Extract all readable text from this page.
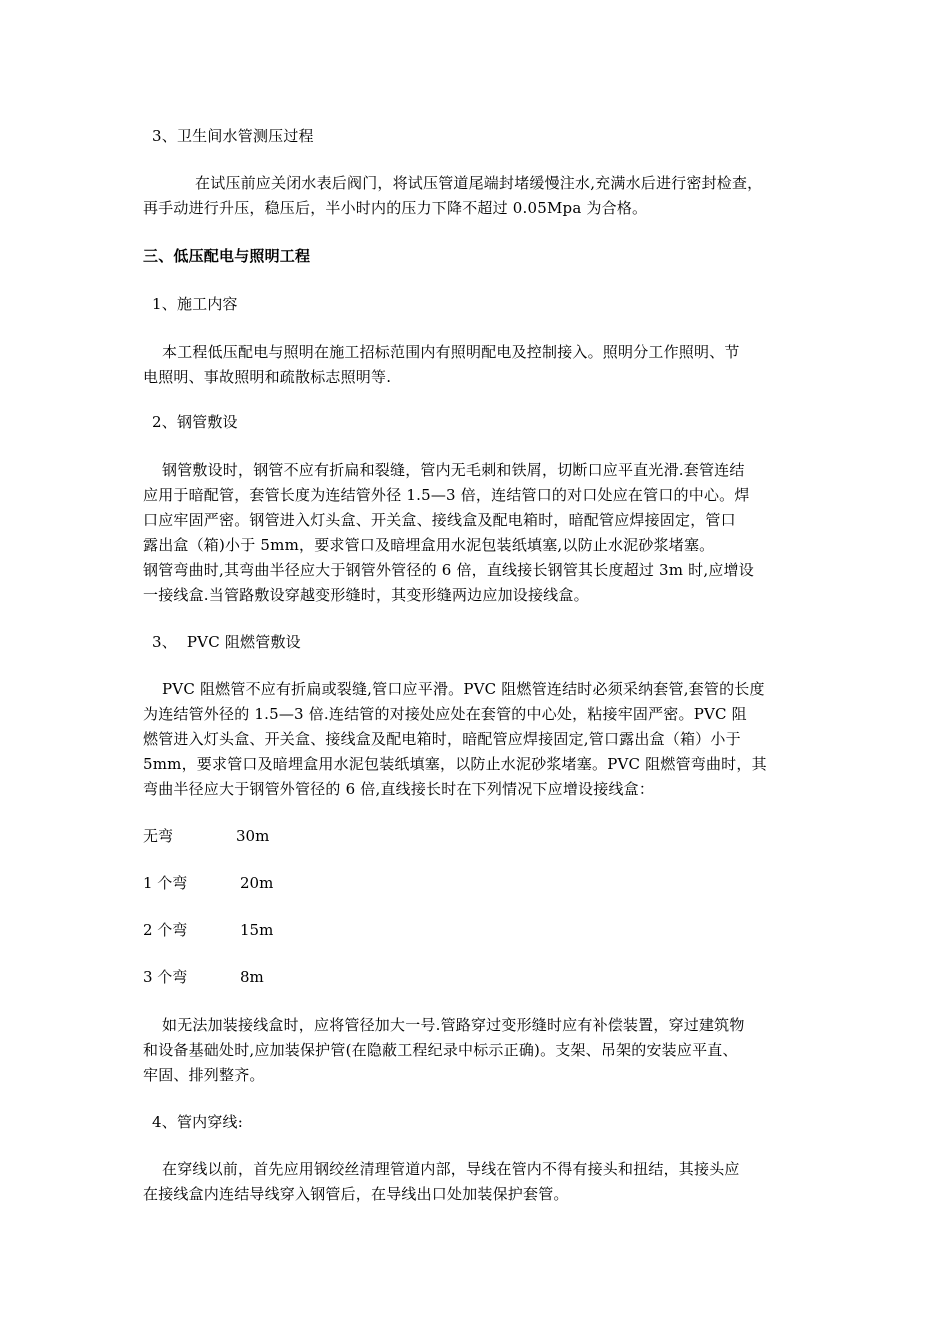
3、卫生间水管测压过程
在试压前应关闭水表后阀门，将试压管道尾端封堵缓慢注水,充满水后进行密封检查，
再手动进行升压，稳压后，半小时内的压力下降不超过 0.05Mpa 为合格。
三、低压配电与照明工程
1、施工内容
本工程低压配电与照明在施工招标范围内有照明配电及控制接入。照明分工作照明、节
电照明、事故照明和疏散标志照明等.
2、钢管敷设
钢管敷设时，钢管不应有折扁和裂缝，管内无毛刺和铁屑，切断口应平直光滑.套管连结
应用于暗配管，套管长度为连结管外径 1.5—3 倍，连结管口的对口处应在管口的中心。焊
口应牢固严密。钢管进入灯头盒、开关盒、接线盒及配电箱时，暗配管应焊接固定，管口
露出盒（箱)小于 5mm，要求管口及暗埋盒用水泥包装纸填塞,以防止水泥砂浆堵塞。
钢管弯曲时,其弯曲半径应大于钢管外管径的 6 倍，直线接长钢管其长度超过 3m 时,应增设
一接线盒.当管路敷设穿越变形缝时，其变形缝两边应加设接线盒。
3、  PVC 阻燃管敷设
PVC 阻燃管不应有折扁或裂缝,管口应平滑。PVC 阻燃管连结时必须采纳套管,套管的长度
为连结管外径的 1.5—3 倍.连结管的对接处应处在套管的中心处，粘接牢固严密。PVC 阻
燃管进入灯头盒、开关盒、接线盒及配电箱时，暗配管应焊接固定,管口露出盒（箱）小于
5mm，要求管口及暗埋盒用水泥包装纸填塞，以防止水泥砂浆堵塞。PVC 阻燃管弯曲时，其
弯曲半径应大于钢管外管径的 6 倍,直线接长时在下列情况下应增设接线盒：
无弯	30m
1 个弯	20m
2 个弯	15m
3 个弯	8m
如无法加装接线盒时，应将管径加大一号.管路穿过变形缝时应有补偿装置，穿过建筑物
和设备基础处时,应加装保护管(在隐蔽工程纪录中标示正确)。支架、吊架的安装应平直、
牢固、排列整齐。
4、管内穿线:
在穿线以前，首先应用钢绞丝清理管道内部，导线在管内不得有接头和扭结，其接头应
在接线盒内连结导线穿入钢管后，在导线出口处加装保护套管。
